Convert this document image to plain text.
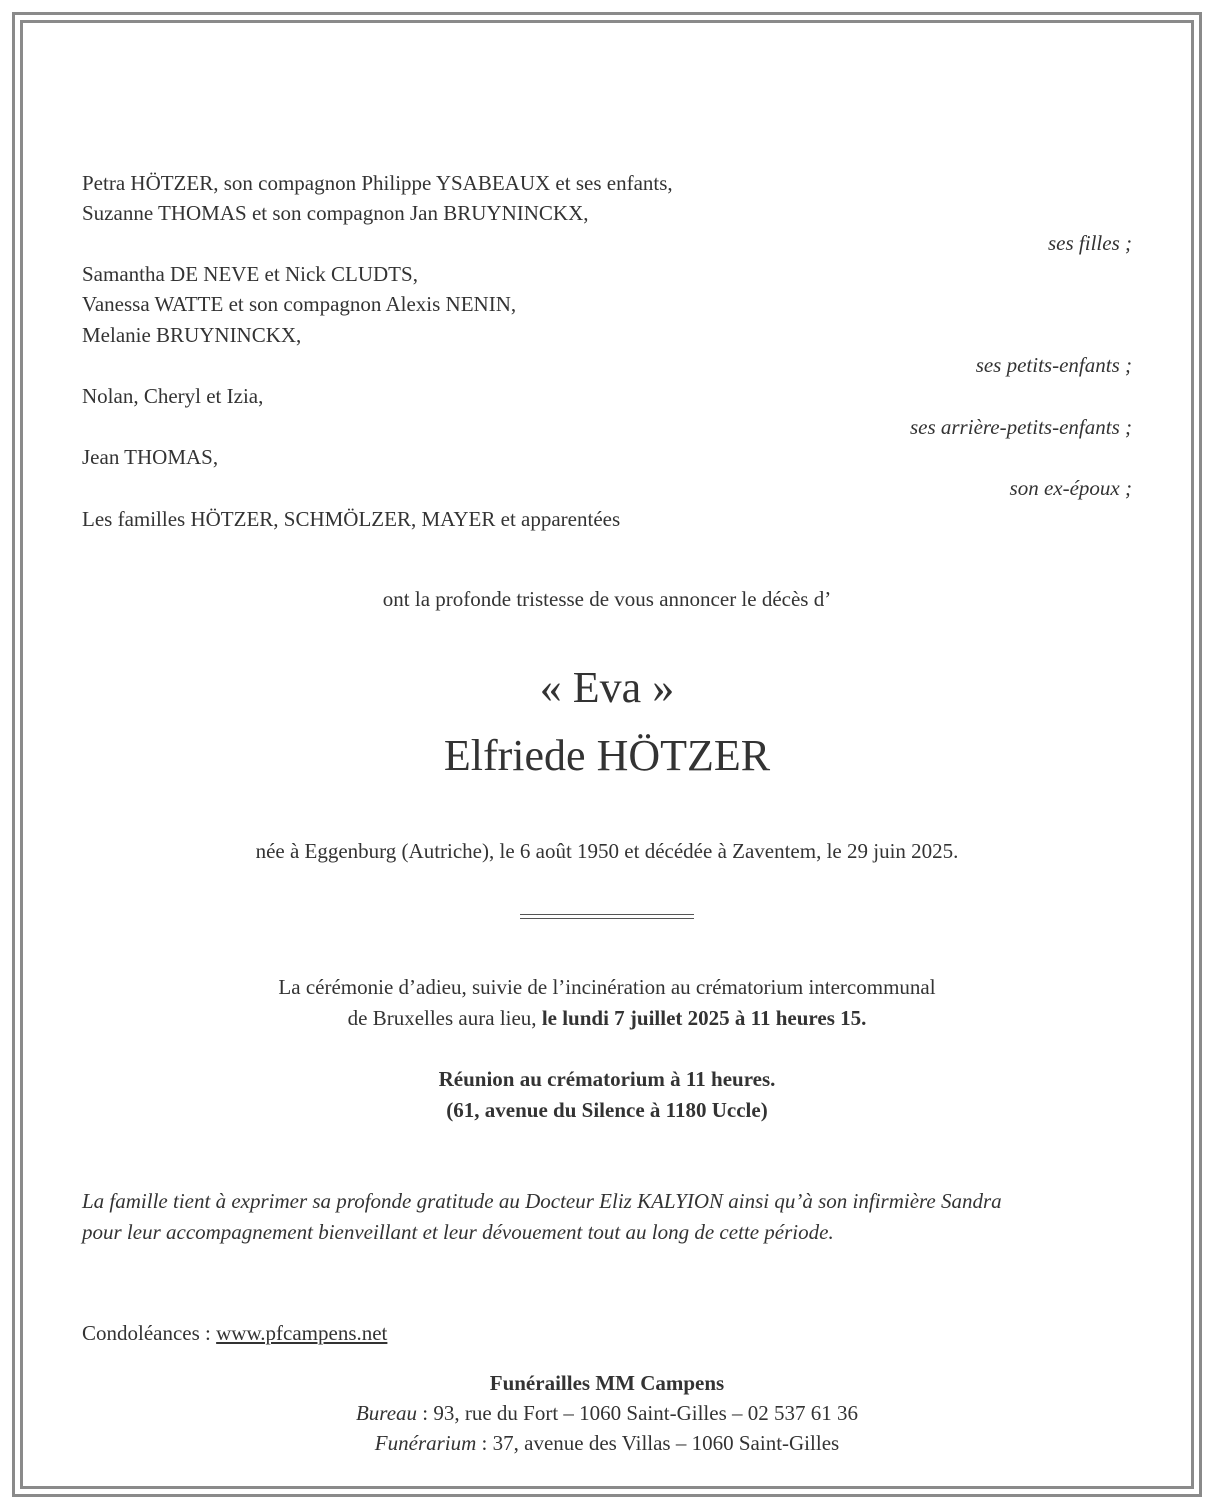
Petra HÖTZER, son compagnon Philippe YSABEAUX et ses enfants,
Suzanne THOMAS et son compagnon Jan BRUYNINCKX,
ses filles ;
Samantha DE NEVE et Nick CLUDTS,
Vanessa WATTE et son compagnon Alexis NENIN,
Melanie BRUYNINCKX,
ses petits-enfants ;
Nolan, Cheryl et Izia,
ses arrière-petits-enfants ;
Jean THOMAS,
son ex-époux ;
Les familles HÖTZER, SCHMÖLZER, MAYER et apparentées
ont la profonde tristesse de vous annoncer le décès d’
« Eva »
Elfriede HÖTZER
née à Eggenburg (Autriche), le 6 août 1950 et décédée à Zaventem, le 29 juin 2025.
La cérémonie d’adieu, suivie de l’incinération au crématorium intercommunal
de Bruxelles aura lieu, le lundi 7 juillet 2025 à 11 heures 15.
Réunion au crématorium à 11 heures.
(61, avenue du Silence à 1180 Uccle)
La famille tient à exprimer sa profonde gratitude au Docteur Eliz KALYION ainsi qu’à son infirmière Sandra
pour leur accompagnement bienveillant et leur dévouement tout au long de cette période.
Condoléances : www.pfcampens.net
Funérailles MM Campens
Bureau : 93, rue du Fort – 1060 Saint-Gilles – 02 537 61 36
Funérarium : 37, avenue des Villas – 1060 Saint-Gilles
